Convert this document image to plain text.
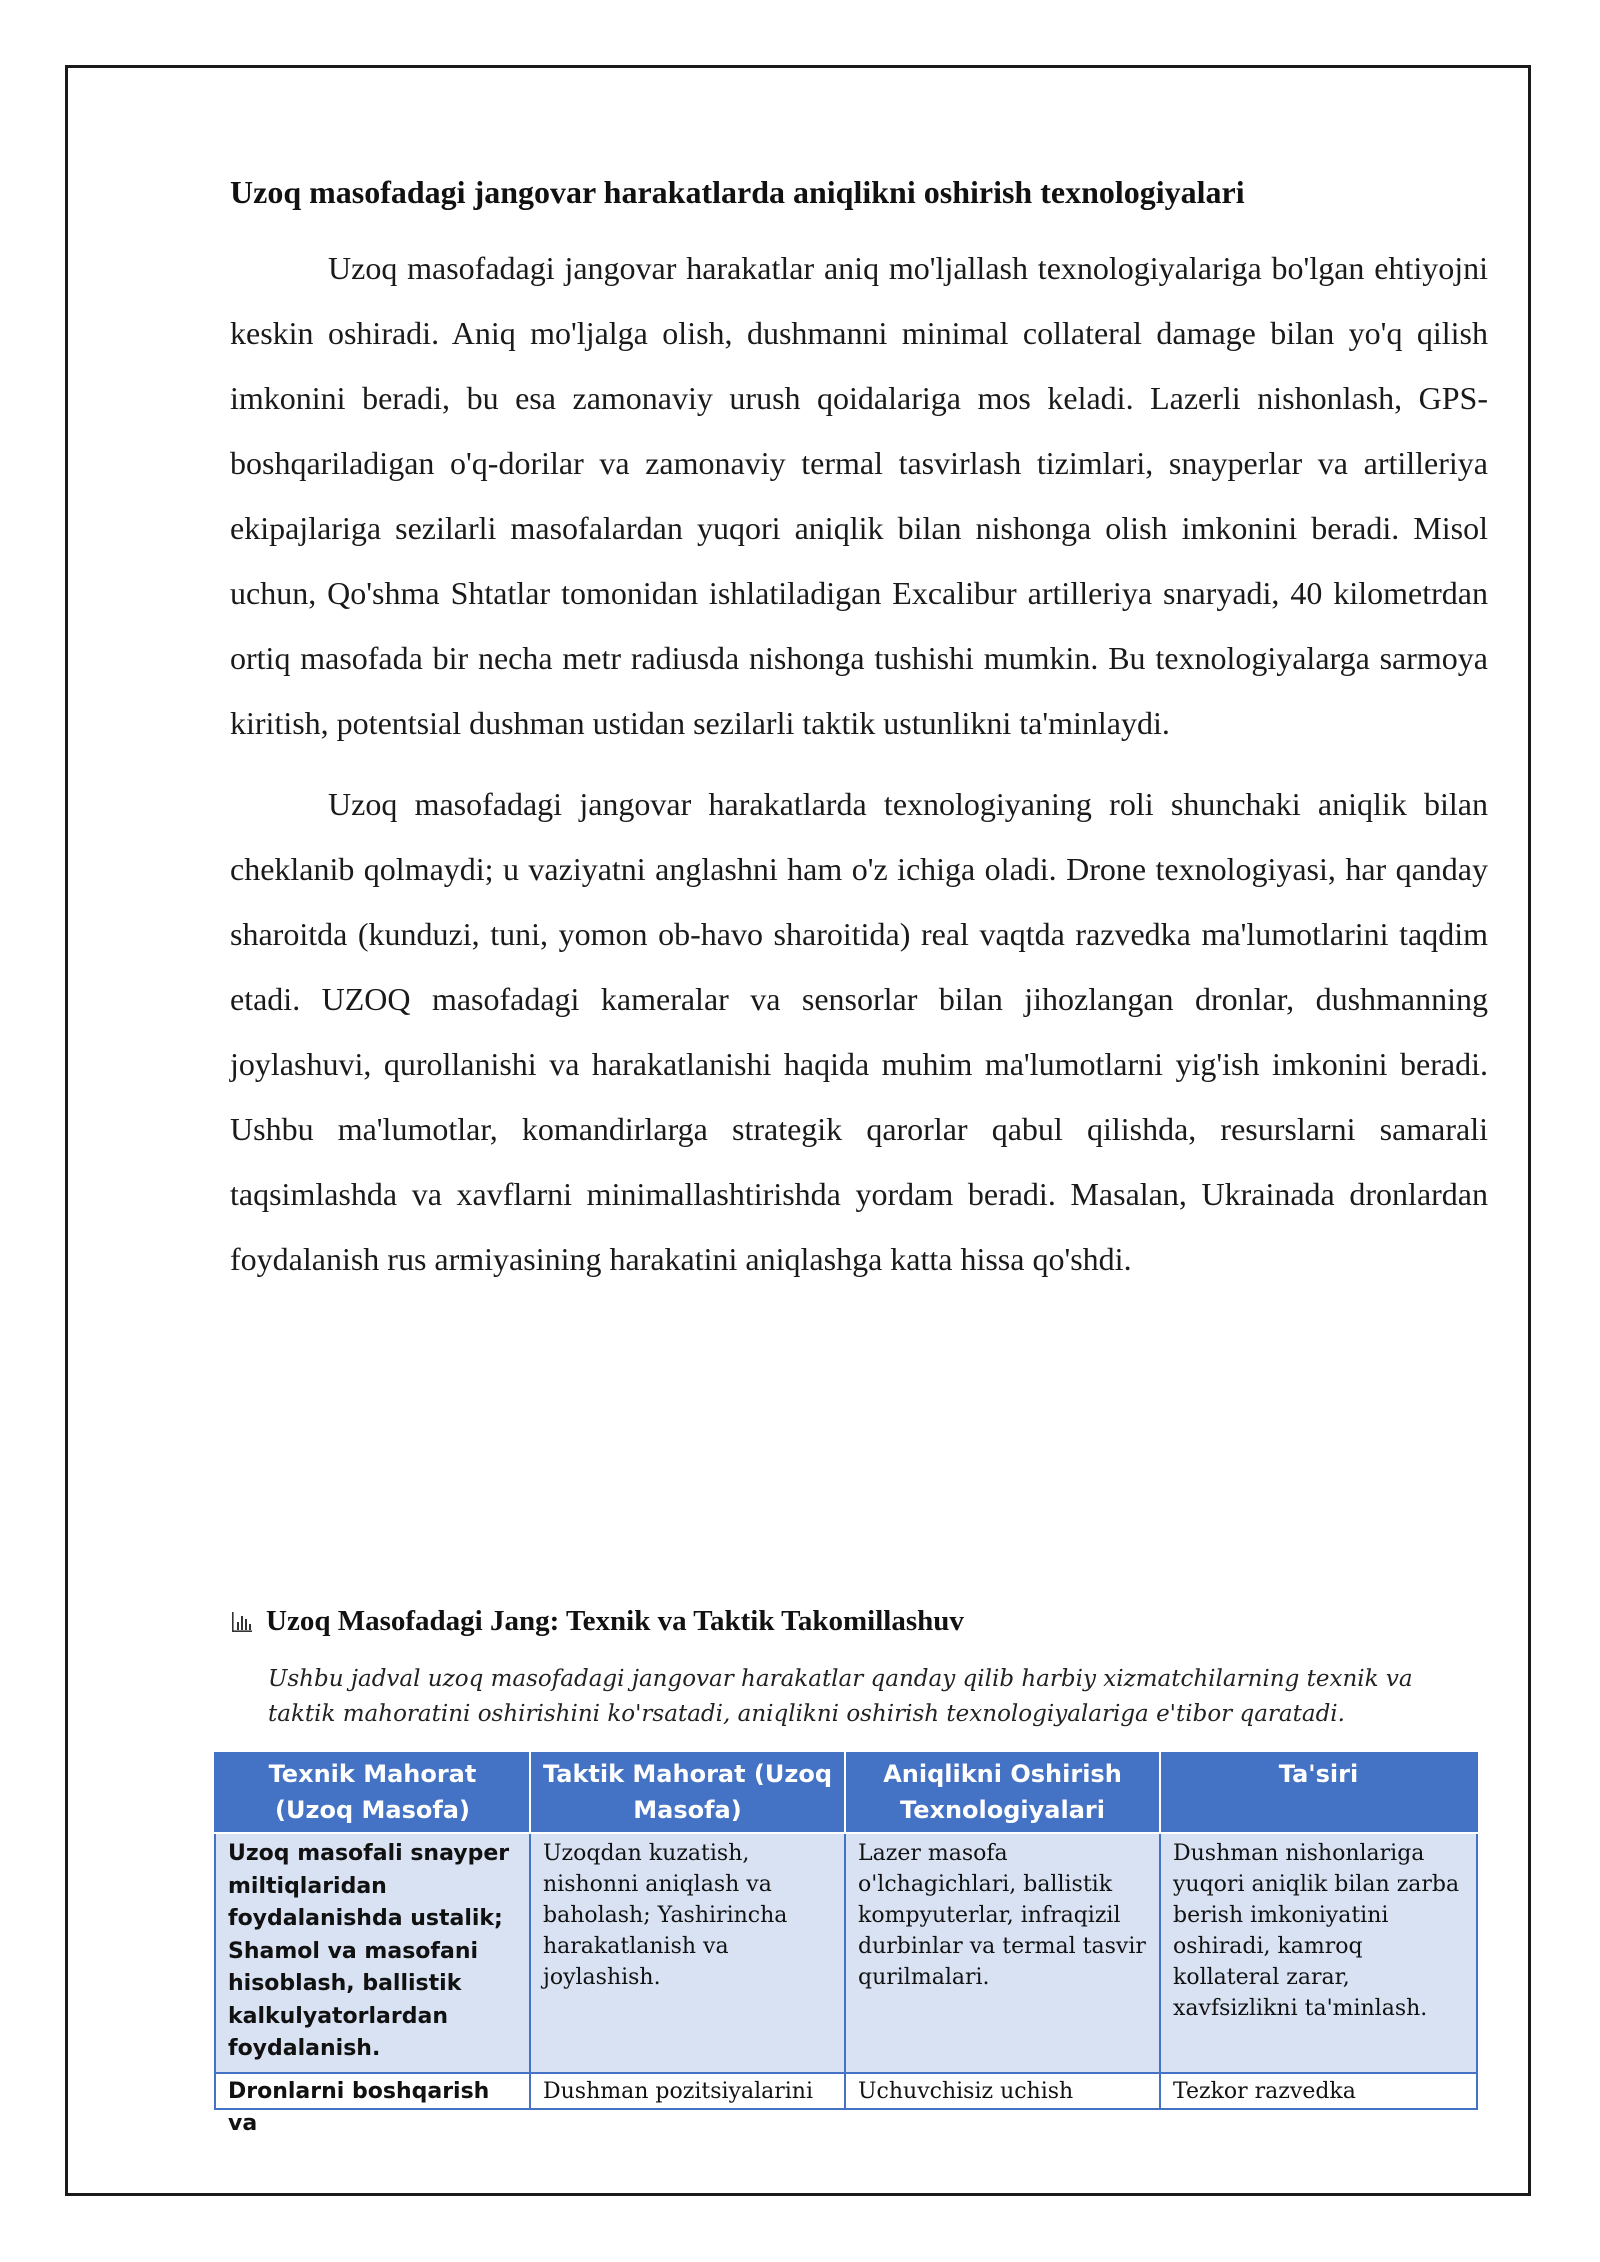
Uzoq masofadagi jangovar harakatlarda aniqlikni oshirish texnologiyalari

Uzoq masofadagi jangovar harakatlar aniq mo'ljallash texnologiyalariga bo'lgan ehtiyojni keskin oshiradi. Aniq mo'ljalga olish, dushmanni minimal collateral damage bilan yo'q qilish imkonini beradi, bu esa zamonaviy urush qoidalariga mos keladi. Lazerli nishonlash, GPS-boshqariladigan o'q-dorilar va zamonaviy termal tasvirlash tizimlari, snayperlar va artilleriya ekipajlariga sezilarli masofalardan yuqori aniqlik bilan nishonga olish imkonini beradi. Misol uchun, Qo'shma Shtatlar tomonidan ishlatiladigan Excalibur artilleriya snaryadi, 40 kilometrdan ortiq masofada bir necha metr radiusda nishonga tushishi mumkin. Bu texnologiyalarga sarmoya kiritish, potentsial dushman ustidan sezilarli taktik ustunlikni ta'minlaydi.

Uzoq masofadagi jangovar harakatlarda texnologiyaning roli shunchaki aniqlik bilan cheklanib qolmaydi; u vaziyatni anglashni ham o'z ichiga oladi. Drone texnologiyasi, har qanday sharoitda (kunduzi, tuni, yomon ob-havo sharoitida) real vaqtda razvedka ma'lumotlarini taqdim etadi. UZOQ masofadagi kameralar va sensorlar bilan jihozlangan dronlar, dushmanning joylashuvi, qurollanishi va harakatlanishi haqida muhim ma'lumotlarni yig'ish imkonini beradi. Ushbu ma'lumotlar, komandirlarga strategik qarorlar qabul qilishda, resurslarni samarali taqsimlashda va xavflarni minimallashtirishda yordam beradi. Masalan, Ukrainada dronlardan foydalanish rus armiyasining harakatini aniqlashga katta hissa qo'shdi.

Uzoq Masofadagi Jang: Texnik va Taktik Takomillashuv
Ushbu jadval uzoq masofadagi jangovar harakatlar qanday qilib harbiy xizmatchilarning texnik va taktik mahoratini oshirishini ko'rsatadi, aniqlikni oshirish texnologiyalariga e'tibor qaratadi.
Texnik Mahorat (Uzoq Masofa)	Taktik Mahorat (Uzoq Masofa)	Aniqlikni Oshirish Texnologiyalari	Ta'siri
Uzoq masofali snayper miltiqlaridan foydalanishda ustalik; Shamol va masofani hisoblash, ballistik kalkulyatorlardan foydalanish.	Uzoqdan kuzatish, nishonni aniqlash va baholash; Yashirincha harakatlanish va joylashish.	Lazer masofa o'lchagichlari, ballistik kompyuterlar, infraqizil durbinlar va termal tasvir qurilmalari.	Dushman nishonlariga yuqori aniqlik bilan zarba berish imkoniyatini oshiradi, kamroq kollateral zarar, xavfsizlikni ta'minlash.

Dronlarni boshqarish va	Dushman pozitsiyalarini	Uchuvchisiz uchish	Tezkor razvedka
